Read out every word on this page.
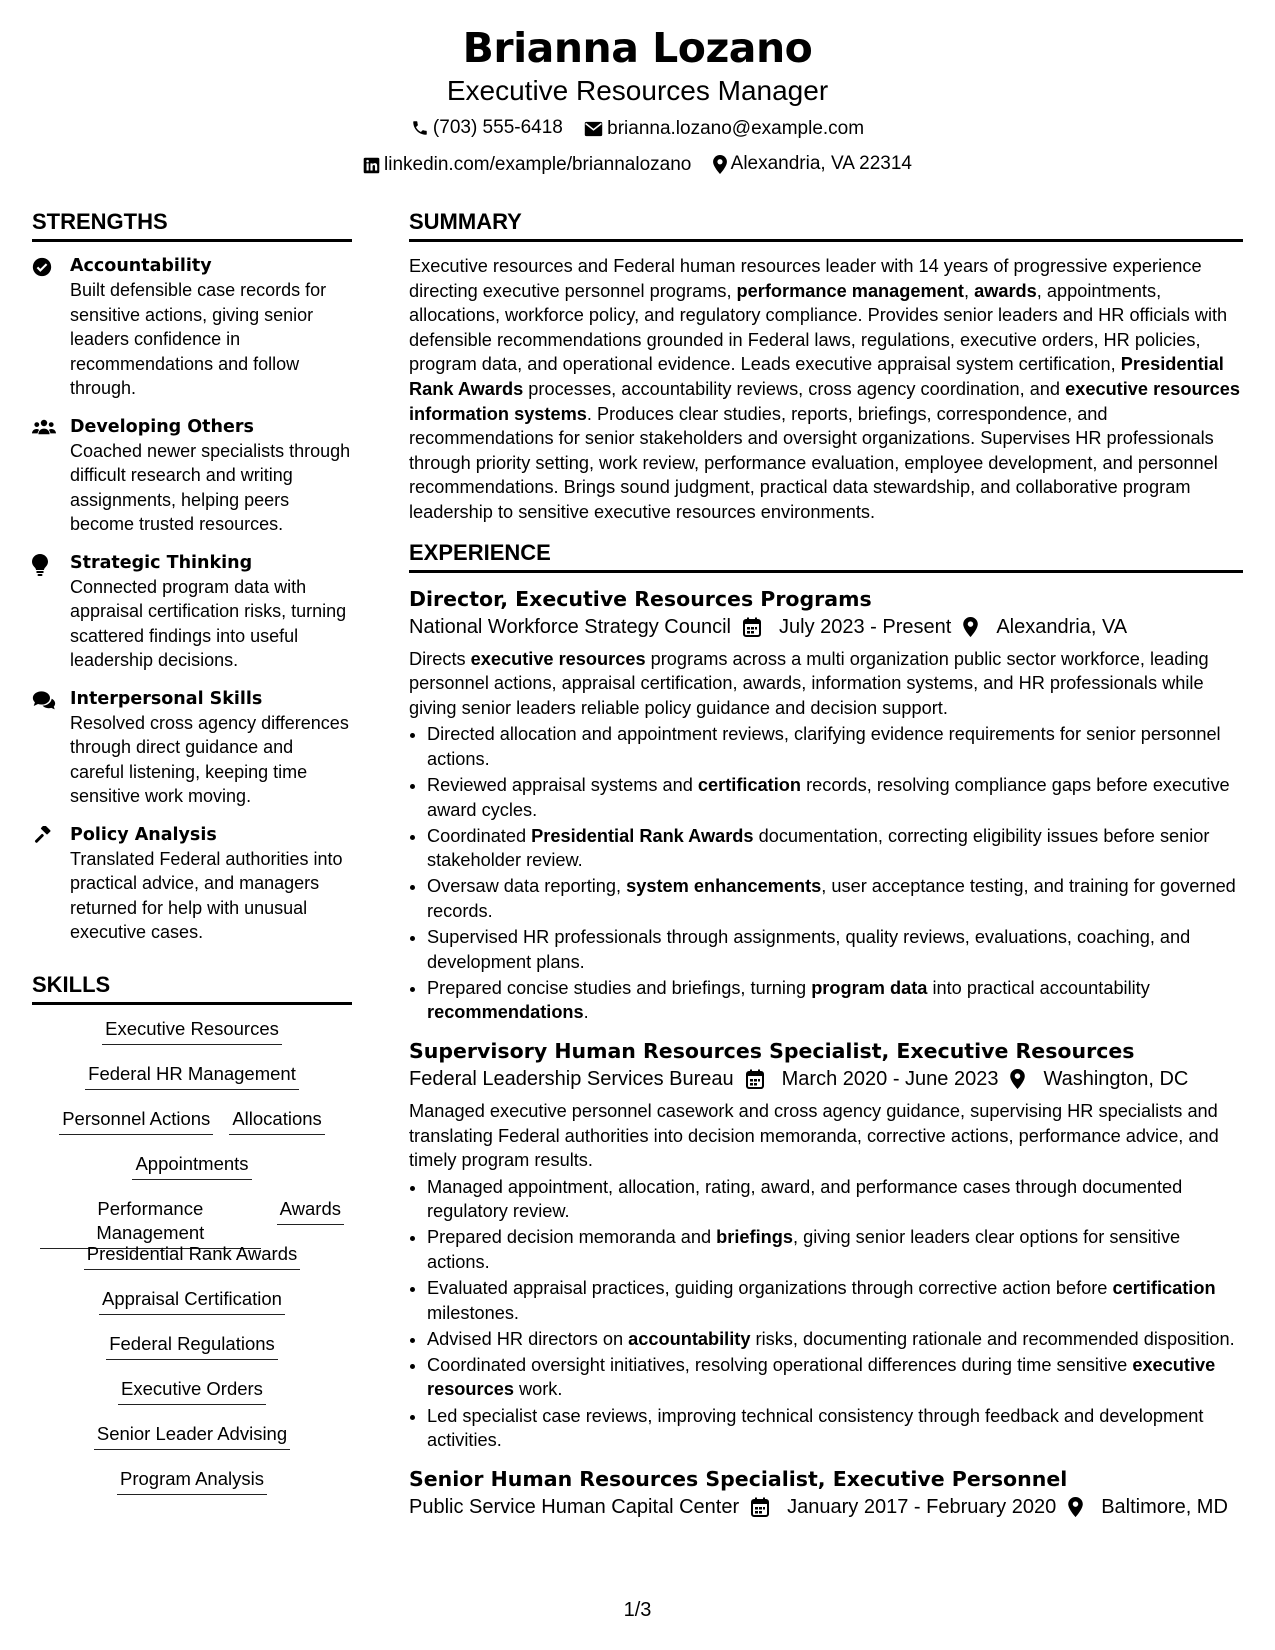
Brianna Lozano
Executive Resources Manager
(703) 555-6418
brianna.lozano@example.com
linkedin.com/example/briannalozano
Alexandria, VA 22314
STRENGTHS
Accountability
Built defensible case records for sensitive actions, giving senior leaders confidence in recommendations and follow through.
Developing Others
Coached newer specialists through difficult research and writing assignments, helping peers become trusted resources.
Strategic Thinking
Connected program data with appraisal certification risks, turning scattered findings into useful leadership decisions.
Interpersonal Skills
Resolved cross agency differences through direct guidance and careful listening, keeping time sensitive work moving.
Policy Analysis
Translated Federal authorities into practical advice, and managers returned for help with unusual executive cases.
SKILLS
Executive Resources
Federal HR Management
Personnel Actions Allocations
Appointments
Performance Management
Awards
Presidential Rank Awards
Appraisal Certification
Federal Regulations
Executive Orders
Senior Leader Advising
Program Analysis
SUMMARY
Executive resources and Federal human resources leader with 14 years of progressive experience directing executive personnel programs, performance management, awards, appointments, allocations, workforce policy, and regulatory compliance. Provides senior leaders and HR officials with defensible recommendations grounded in Federal laws, regulations, executive orders, HR policies, program data, and operational evidence. Leads executive appraisal system certification, Presidential Rank Awards processes, accountability reviews, cross agency coordination, and executive resources information systems. Produces clear studies, reports, briefings, correspondence, and recommendations for senior stakeholders and oversight organizations. Supervises HR professionals through priority setting, work review, performance evaluation, employee development, and personnel recommendations. Brings sound judgment, practical data stewardship, and collaborative program leadership to sensitive executive resources environments.
EXPERIENCE
Director, Executive Resources Programs
National Workforce Strategy Council July 2023 - Present Alexandria, VA
Directs executive resources programs across a multi organization public sector workforce, leading personnel actions, appraisal certification, awards, information systems, and HR professionals while giving senior leaders reliable policy guidance and decision support.
• Directed allocation and appointment reviews, clarifying evidence requirements for senior personnel actions.
• Reviewed appraisal systems and certification records, resolving compliance gaps before executive award cycles.
• Coordinated Presidential Rank Awards documentation, correcting eligibility issues before senior stakeholder review.
• Oversaw data reporting, system enhancements, user acceptance testing, and training for governed records.
• Supervised HR professionals through assignments, quality reviews, evaluations, coaching, and development plans.
• Prepared concise studies and briefings, turning program data into practical accountability recommendations.
Supervisory Human Resources Specialist, Executive Resources
Federal Leadership Services Bureau March 2020 - June 2023 Washington, DC
Managed executive personnel casework and cross agency guidance, supervising HR specialists and translating Federal authorities into decision memoranda, corrective actions, performance advice, and timely program results.
• Managed appointment, allocation, rating, award, and performance cases through documented regulatory review.
• Prepared decision memoranda and briefings, giving senior leaders clear options for sensitive actions.
• Evaluated appraisal practices, guiding organizations through corrective action before certification milestones.
• Advised HR directors on accountability risks, documenting rationale and recommended disposition.
• Coordinated oversight initiatives, resolving operational differences during time sensitive executive resources work.
• Led specialist case reviews, improving technical consistency through feedback and development activities.
Senior Human Resources Specialist, Executive Personnel
Public Service Human Capital Center January 2017 - February 2020 Baltimore, MD
1/3
